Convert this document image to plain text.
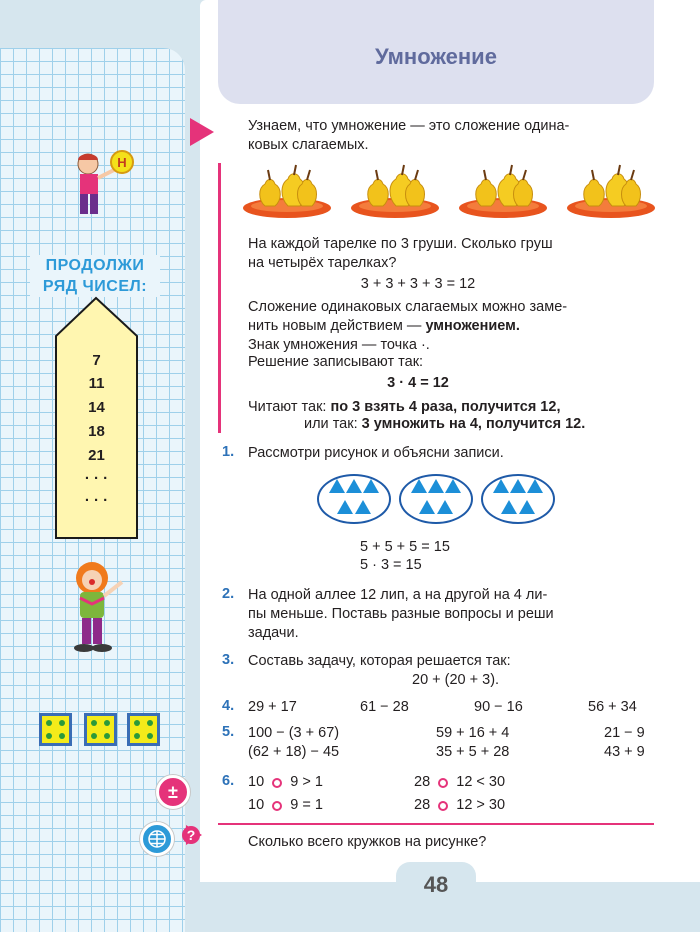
Умножение
Узнаем, что умножение — это сложение одина-
ковых слагаемых.
На каждой тарелке по 3 груши. Сколько груш
на четырёх тарелках?
3 + 3 + 3 + 3 = 12
Сложение одинаковых слагаемых можно заме-
нить новым действием — умножением.
Знак умножения — точка ·.
Решение записывают так:
3 · 4 = 12
Читают так: по 3 взять 4 раза, получится 12,
или так: 3 умножить на 4, получится 12.
1. Рассмотри рисунок и объясни записи.
5 + 5 + 5 = 15
5 · 3 = 15
2. На одной аллее 12 лип, а на другой на 4 ли-
пы меньше. Поставь разные вопросы и реши
задачи.
3. Составь задачу, которая решается так:
20 + (20 + 3).
4. 29 + 17	61 − 28	90 − 16	56 + 34
5. 100 − (3 + 67)	59 + 16 + 4	21 − 9
(62 + 18) − 45	35 + 5 + 28	43 + 9
6. 10 9 > 1	28 12 < 30
10 9 = 1	28 12 > 30
?	Сколько всего кружков на рисунке?
±
Н
ПРОДОЛЖИ
РЯД ЧИСЕЛ:
7
11
14
18
21
· · ·
· · ·
48
